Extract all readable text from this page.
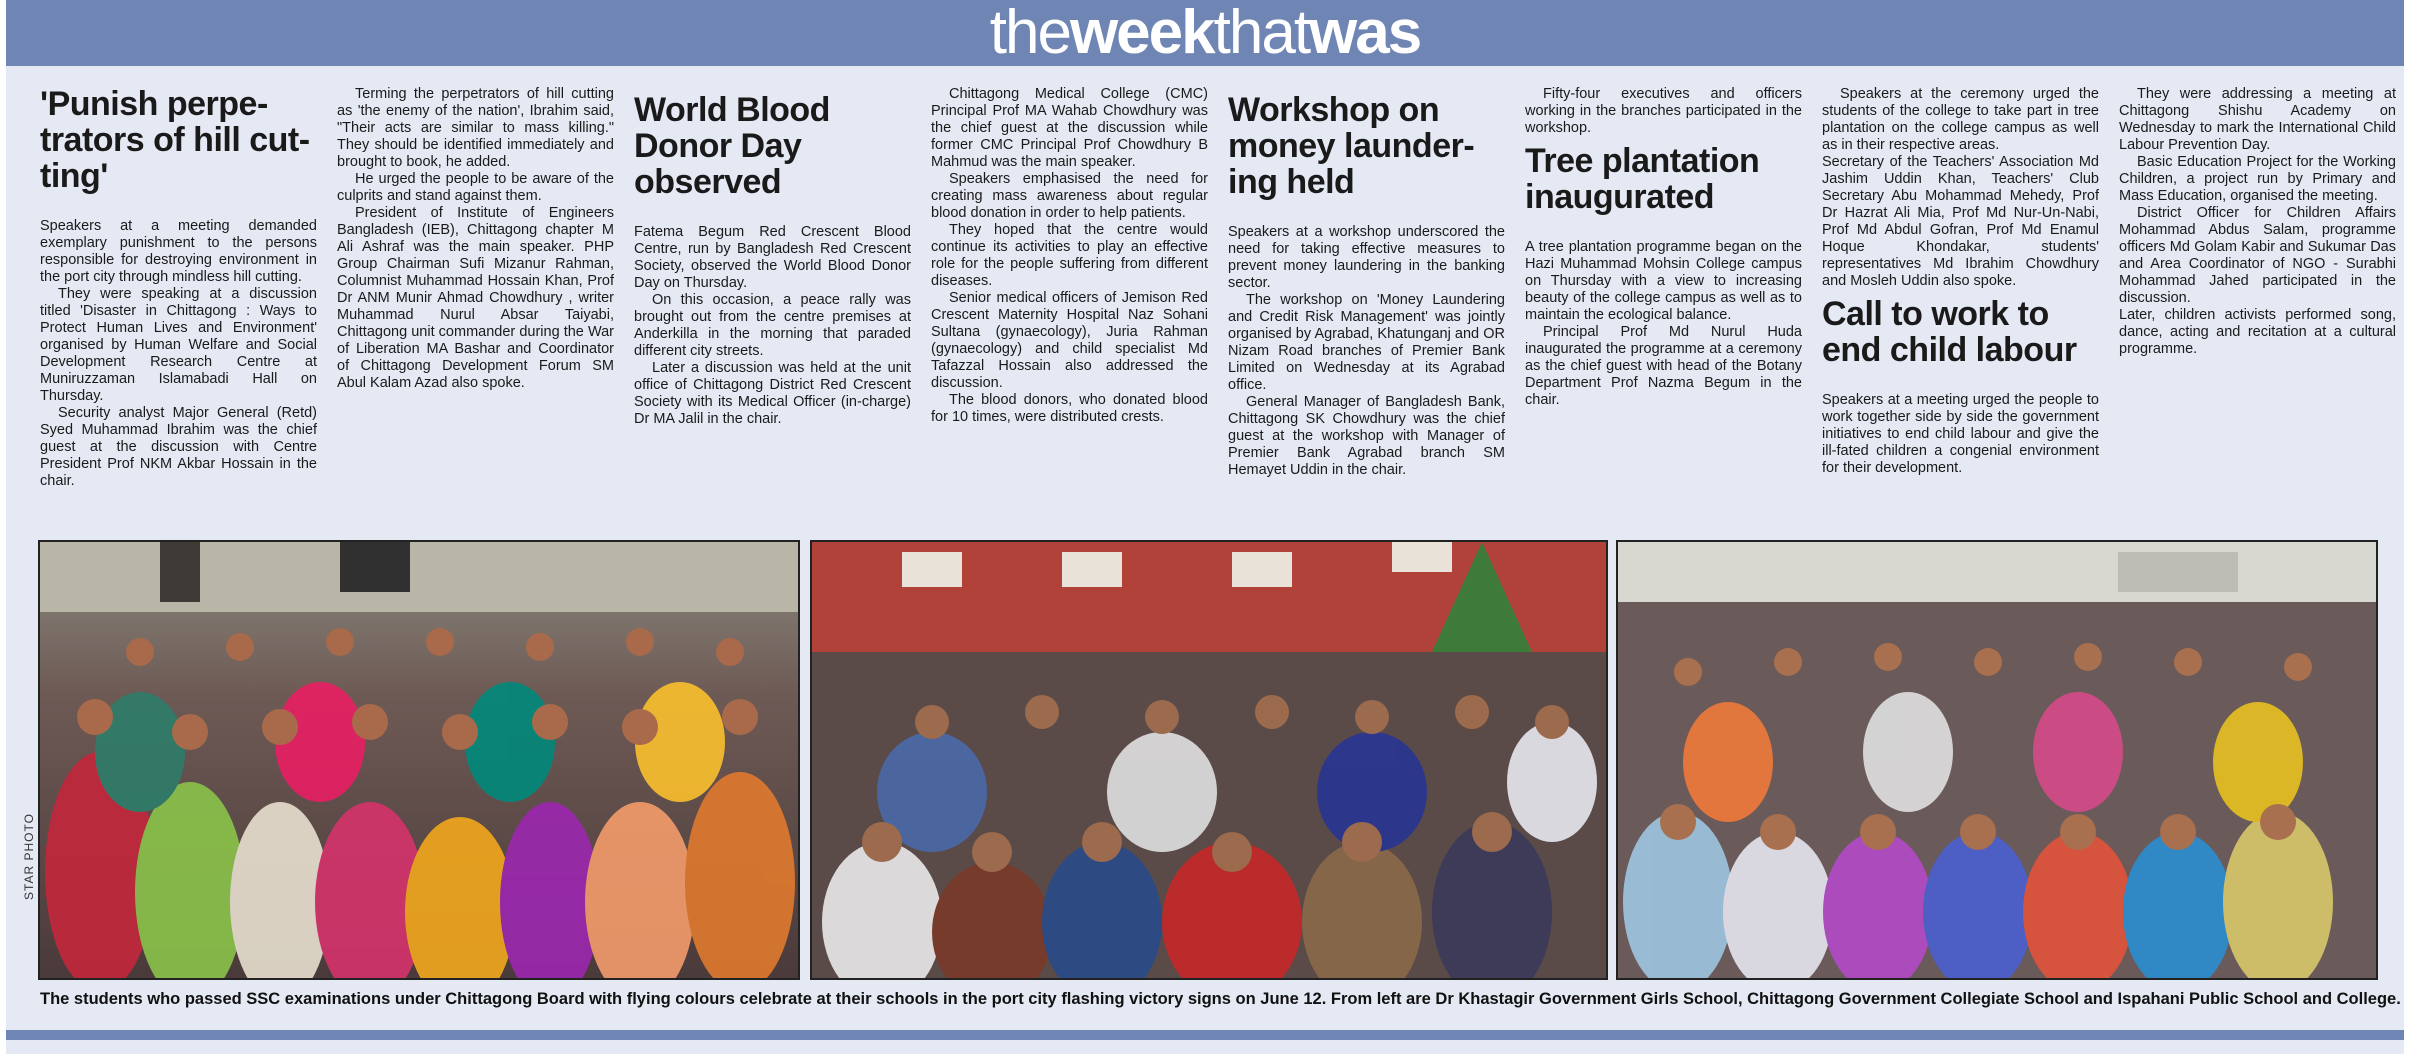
theweekthatwas
'Punish perpe-trators of hill cut-ting'

Speakers at a meeting demanded exemplary punishment to the persons responsible for destroying environment in the port city through mindless hill cutting.

They were speaking at a discussion titled 'Disaster in Chittagong : Ways to Protect Human Lives and Environment' organised by Human Welfare and Social Development Research Centre at Muniruzzaman Islamabadi Hall on Thursday.

Security analyst Major General (Retd) Syed Muhammad Ibrahim was the chief guest at the discussion with Centre President Prof NKM Akbar Hossain in the chair.

Terming the perpetrators of hill cutting as 'the enemy of the nation', Ibrahim said, "Their acts are similar to mass killing." They should be identified immediately and brought to book, he added.

He urged the people to be aware of the culprits and stand against them.

President of Institute of Engineers Bangladesh (IEB), Chittagong chapter M Ali Ashraf was the main speaker. PHP Group Chairman Sufi Mizanur Rahman, Columnist Muhammad Hossain Khan, Prof Dr ANM Munir Ahmad Chowdhury , writer Muhammad Nurul Absar Taiyabi, Chittagong unit commander during the War of Liberation MA Bashar and Coordinator of Chittagong Development Forum SM Abul Kalam Azad also spoke.

World Blood Donor Day observed

Fatema Begum Red Crescent Blood Centre, run by Bangladesh Red Crescent Society, observed the World Blood Donor Day on Thursday.

On this occasion, a peace rally was brought out from the centre premises at Anderkilla in the morning that paraded different city streets.

Later a discussion was held at the unit office of Chittagong District Red Crescent Society with its Medical Officer (in-charge) Dr MA Jalil in the chair.

Chittagong Medical College (CMC) Principal Prof MA Wahab Chowdhury was the chief guest at the discussion while former CMC Principal Prof Chowdhury B Mahmud was the main speaker.

Speakers emphasised the need for creating mass awareness about regular blood donation in order to help patients.

They hoped that the centre would continue its activities to play an effective role for the people suffering from different diseases.

Senior medical officers of Jemison Red Crescent Maternity Hospital Naz Sohani Sultana (gynaecology), Juria Rahman (gynaecology) and child specialist Md Tafazzal Hossain also addressed the discussion.

The blood donors, who donated blood for 10 times, were distributed crests.

Workshop on money launder-ing held

Speakers at a workshop underscored the need for taking effective measures to prevent money laundering in the banking sector.

The workshop on 'Money Laundering and Credit Risk Management' was jointly organised by Agrabad, Khatunganj and OR Nizam Road branches of Premier Bank Limited on Wednesday at its Agrabad office.

General Manager of Bangladesh Bank, Chittagong SK Chowdhury was the chief guest at the workshop with Manager of Premier Bank Agrabad branch SM Hemayet Uddin in the chair.

Fifty-four executives and officers working in the branches participated in the workshop.

Tree plantation inaugurated

A tree plantation programme began on the Hazi Muhammad Mohsin College campus on Thursday with a view to increasing beauty of the college campus as well as to maintain the ecological balance.

Principal Prof Md Nurul Huda inaugurated the programme at a ceremony as the chief guest with head of the Botany Department Prof Nazma Begum in the chair.

Speakers at the ceremony urged the students of the college to take part in tree plantation on the college campus as well as in their respective areas.

Secretary of the Teachers' Association Md Jashim Uddin Khan, Teachers' Club Secretary Abu Mohammad Mehedy, Prof Dr Hazrat Ali Mia, Prof Md Nur-Un-Nabi, Prof Md Abdul Gofran, Prof Md Enamul Hoque Khondakar, students' representatives Md Ibrahim Chowdhury and Mosleh Uddin also spoke.

Call to work to end child labour

Speakers at a meeting urged the people to work together side by side the government initiatives to end child labour and give the ill-fated children a congenial environment for their development.

They were addressing a meeting at Chittagong Shishu Academy on Wednesday to mark the International Child Labour Prevention Day.

Basic Education Project for the Working Children, a project run by Primary and Mass Education, organised the meeting.

District Officer for Children Affairs Mohammad Abdus Salam, programme officers Md Golam Kabir and Sukumar Das and Area Coordinator of NGO - Surabhi Mohammad Jahed participated in the discussion.

Later, children activists performed song, dance, acting and recitation at a cultural programme.

STAR PHOTO
The students who passed SSC examinations under Chittagong Board with flying colours celebrate at their schools in the port city flashing victory signs on June 12. From left are Dr Khastagir Government Girls School, Chittagong Government Collegiate School and Ispahani Public School and College.
